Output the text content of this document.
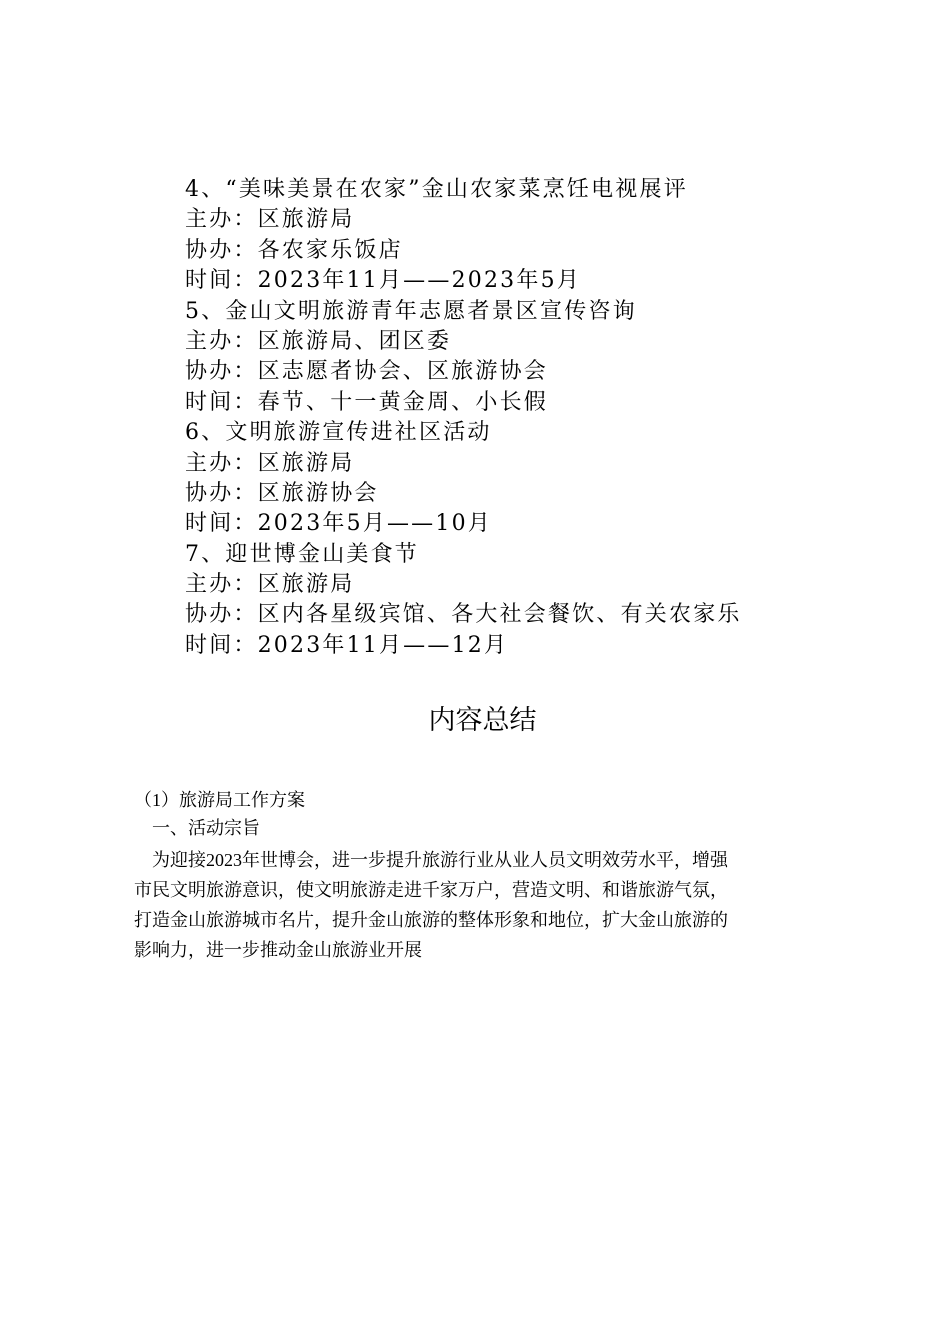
4、“美味美景在农家”金山农家菜烹饪电视展评
主办：区旅游局
协办：各农家乐饭店
时间：2023年11月——2023年5月
5、金山文明旅游青年志愿者景区宣传咨询
主办：区旅游局、团区委
协办：区志愿者协会、区旅游协会
时间：春节、十一黄金周、小长假
6、文明旅游宣传进社区活动
主办：区旅游局
协办：区旅游协会
时间：2023年5月——10月
7、迎世博金山美食节
主办：区旅游局
协办：区内各星级宾馆、各大社会餐饮、有关农家乐
时间：2023年11月——12月
内容总结
（1）旅游局工作方案
一、活动宗旨
为迎接2023年世博会，进一步提升旅游行业从业人员文明效劳水平，增强
市民文明旅游意识，使文明旅游走进千家万户，营造文明、和谐旅游气氛，
打造金山旅游城市名片，提升金山旅游的整体形象和地位，扩大金山旅游的
影响力，进一步推动金山旅游业开展
